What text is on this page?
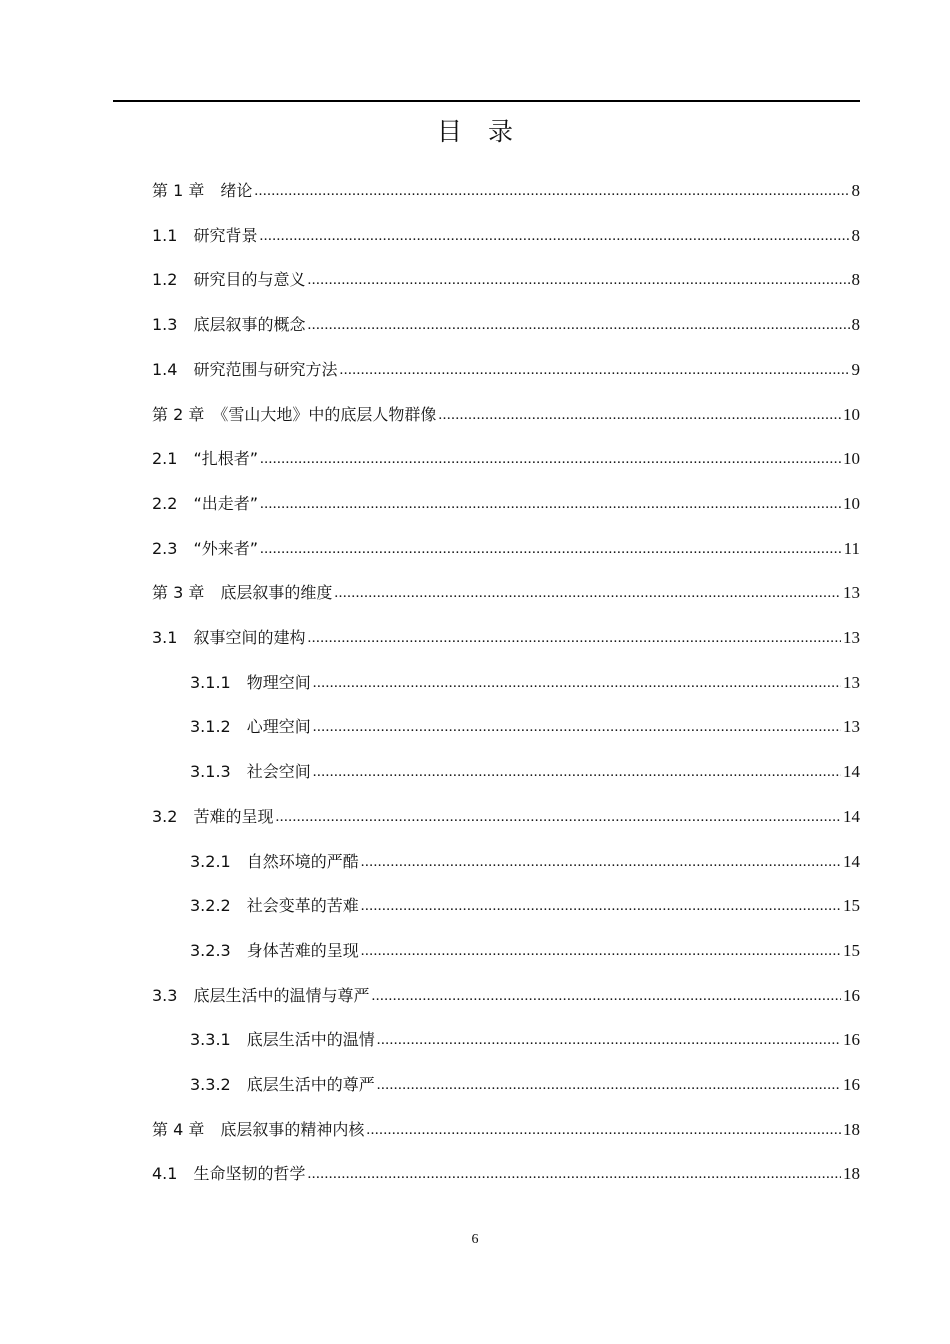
目录
第 1 章　绪论 .....	8
1.1　研究背景 .....	8
1.2　研究目的与意义 .....	8
1.3　底层叙事的概念 .....	8
1.4　研究范围与研究方法 .....	9
第 2 章　《雪山大地》中的底层人物群像 .....	10
2.1　“扎根者” .....	10
2.2　“出走者” .....	10
2.3　“外来者” .....	11
第 3 章　底层叙事的维度 .....	13
3.1　叙事空间的建构 .....	13
3.1.1　物理空间 .....	13
3.1.2　心理空间 .....	13
3.1.3　社会空间 .....	14
3.2　苦难的呈现 .....	14
3.2.1　自然环境的严酷 .....	14
3.2.2　社会变革的苦难 .....	15
3.2.3　身体苦难的呈现 .....	15
3.3　底层生活中的温情与尊严 .....	16
3.3.1　底层生活中的温情 .....	16
3.3.2　底层生活中的尊严 .....	16
第 4 章　底层叙事的精神内核 .....	18
4.1　生命坚韧的哲学 .....	18
6
